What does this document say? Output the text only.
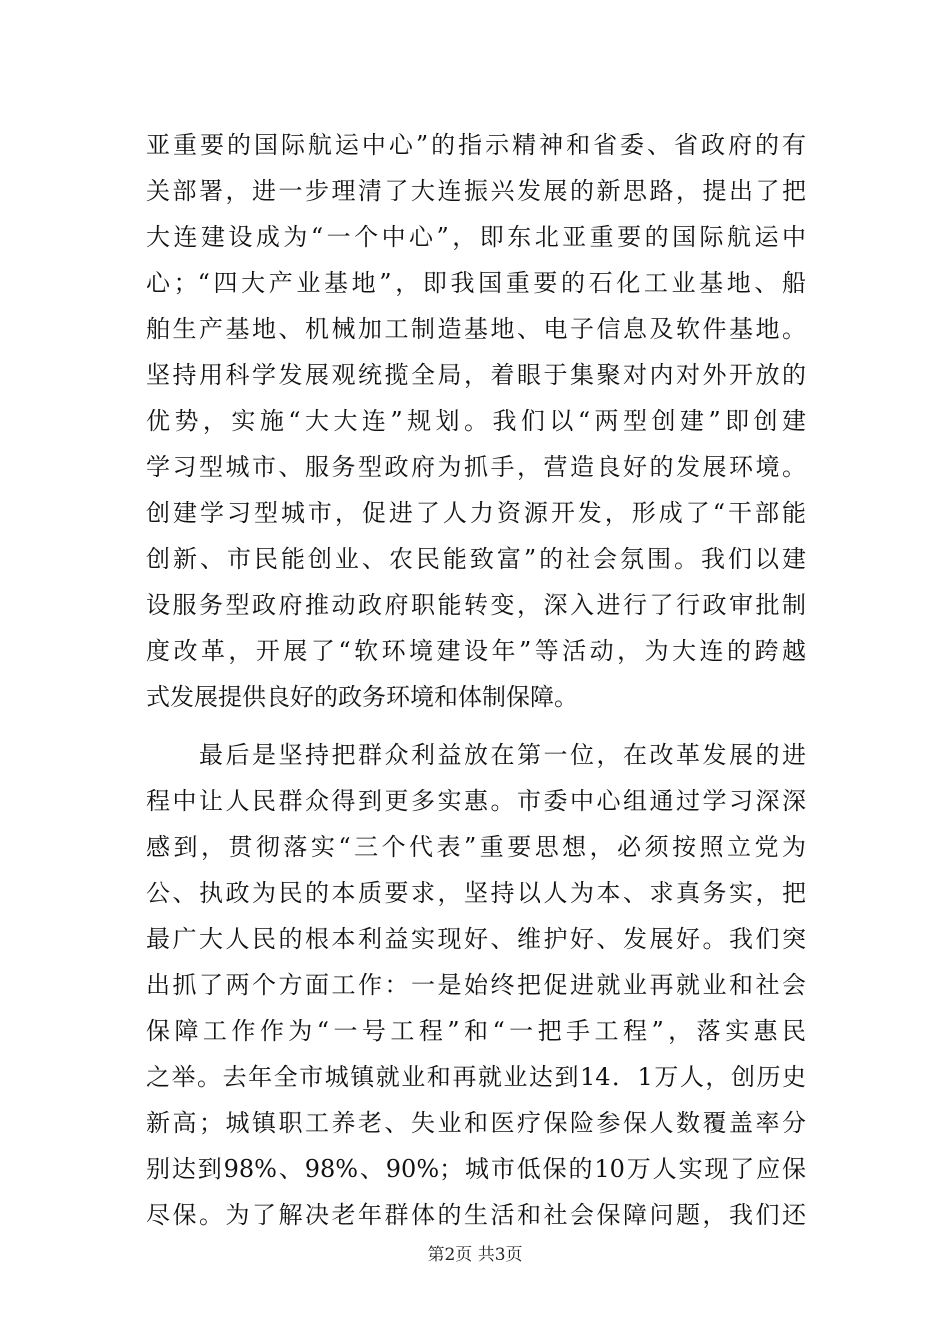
亚重要的国际航运中心”的指示精神和省委、省政府的有
关部署，进一步理清了大连振兴发展的新思路，提出了把
大连建设成为“一个中心”，即东北亚重要的国际航运中
心；“四大产业基地”，即我国重要的石化工业基地、船
舶生产基地、机械加工制造基地、电子信息及软件基地。
坚持用科学发展观统揽全局，着眼于集聚对内对外开放的
优势，实施“大大连”规划。我们以“两型创建”即创建
学习型城市、服务型政府为抓手，营造良好的发展环境。
创建学习型城市，促进了人力资源开发，形成了“干部能
创新、市民能创业、农民能致富”的社会氛围。我们以建
设服务型政府推动政府职能转变，深入进行了行政审批制
度改革，开展了“软环境建设年”等活动，为大连的跨越
式发展提供良好的政务环境和体制保障。
　　最后是坚持把群众利益放在第一位，在改革发展的进
程中让人民群众得到更多实惠。市委中心组通过学习深深
感到，贯彻落实“三个代表”重要思想，必须按照立党为
公、执政为民的本质要求，坚持以人为本、求真务实，把
最广大人民的根本利益实现好、维护好、发展好。我们突
出抓了两个方面工作：一是始终把促进就业再就业和社会
保障工作作为“一号工程”和“一把手工程”，落实惠民
之举。去年全市城镇就业和再就业达到14．1万人，创历史
新高；城镇职工养老、失业和医疗保险参保人数覆盖率分
别达到98%、98%、90%；城市低保的10万人实现了应保
尽保。为了解决老年群体的生活和社会保障问题，我们还
第2页 共3页
